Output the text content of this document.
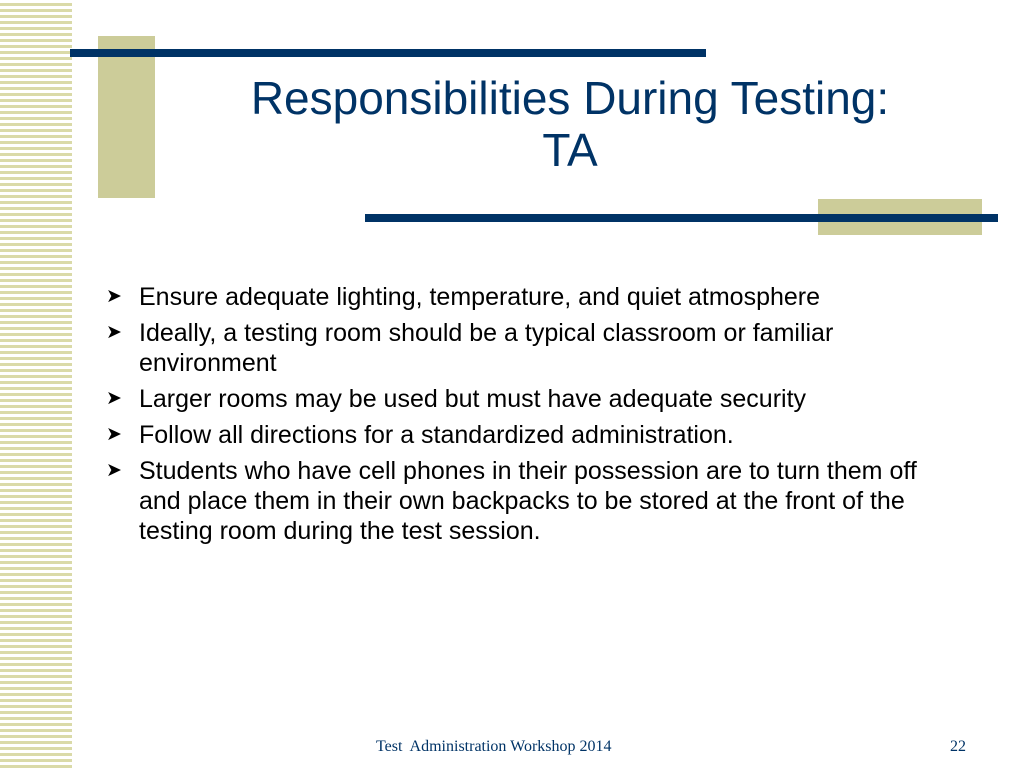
Responsibilities During Testing:
TA
➤ Ensure adequate lighting, temperature, and quiet atmosphere
➤ Ideally, a testing room should be a typical classroom or familiar environment
➤ Larger rooms may be used but must have adequate security
➤ Follow all directions for a standardized administration.
➤ Students who have cell phones in their possession are to turn them off and place them in their own backpacks to be stored at the front of the testing room during the test session.
Test  Administration Workshop 2014	22
